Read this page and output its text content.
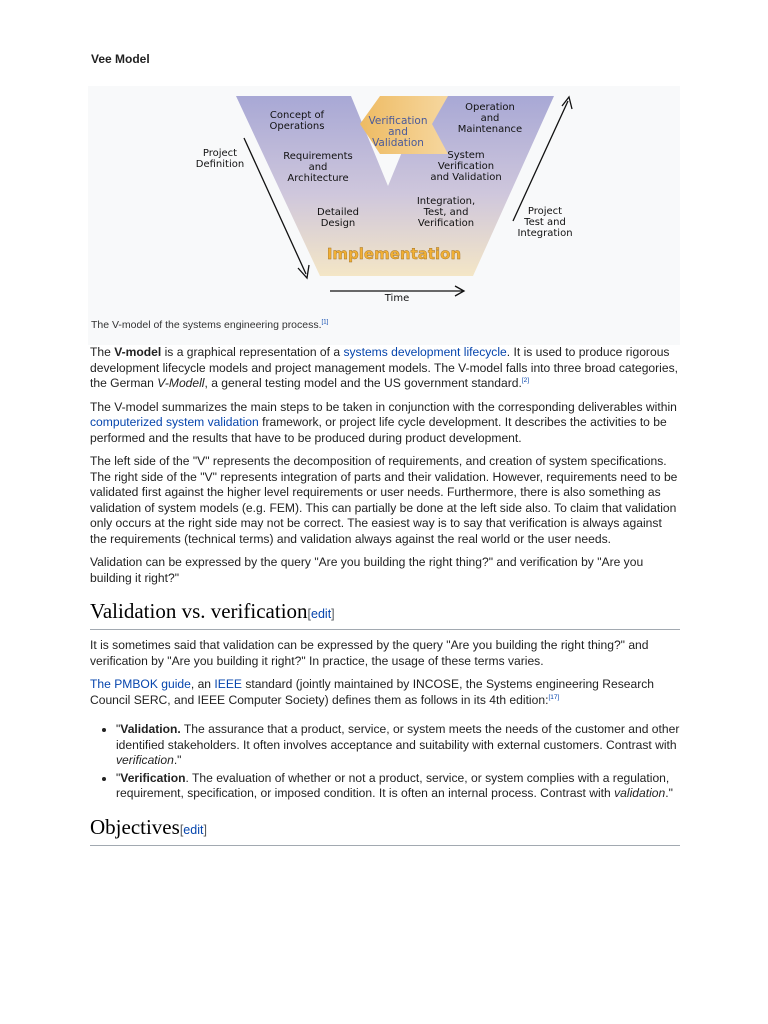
Vee Model
Verification
and
Validation
Concept of
Operations
Requirements
and
Architecture
Detailed
Design
Operation
and
Maintenance
System
Verification
and Validation
Integration,
Test, and
Verification
Implementation
Project
Definition
Project
Test and
Integration
Time
The V-model of the systems engineering process.[1]

The V-model is a graphical representation of a systems development lifecycle. It is used to produce rigorous development lifecycle models and project management models. The V-model falls into three broad categories, the German V-Modell, a general testing model and the US government standard.[2]

The V-model summarizes the main steps to be taken in conjunction with the corresponding deliverables within computerized system validation framework, or project life cycle development. It describes the activities to be performed and the results that have to be produced during product development.

The left side of the "V" represents the decomposition of requirements, and creation of system specifications. The right side of the "V" represents integration of parts and their validation. However, requirements need to be validated first against the higher level requirements or user needs. Furthermore, there is also something as validation of system models (e.g. FEM). This can partially be done at the left side also. To claim that validation only occurs at the right side may not be correct. The easiest way is to say that verification is always against the requirements (technical terms) and validation always against the real world or the user needs.

Validation can be expressed by the query "Are you building the right thing?" and verification by "Are you building it right?"

Validation vs. verification[edit]

It is sometimes said that validation can be expressed by the query "Are you building the right thing?" and verification by "Are you building it right?" In practice, the usage of these terms varies.

The PMBOK guide, an IEEE standard (jointly maintained by INCOSE, the Systems engineering Research Council SERC, and IEEE Computer Society) defines them as follows in its 4th edition:[17]

• "Validation. The assurance that a product, service, or system meets the needs of the customer and other identified stakeholders. It often involves acceptance and suitability with external customers. Contrast with verification."
• "Verification. The evaluation of whether or not a product, service, or system complies with a regulation, requirement, specification, or imposed condition. It is often an internal process. Contrast with validation."
Objectives[edit]
